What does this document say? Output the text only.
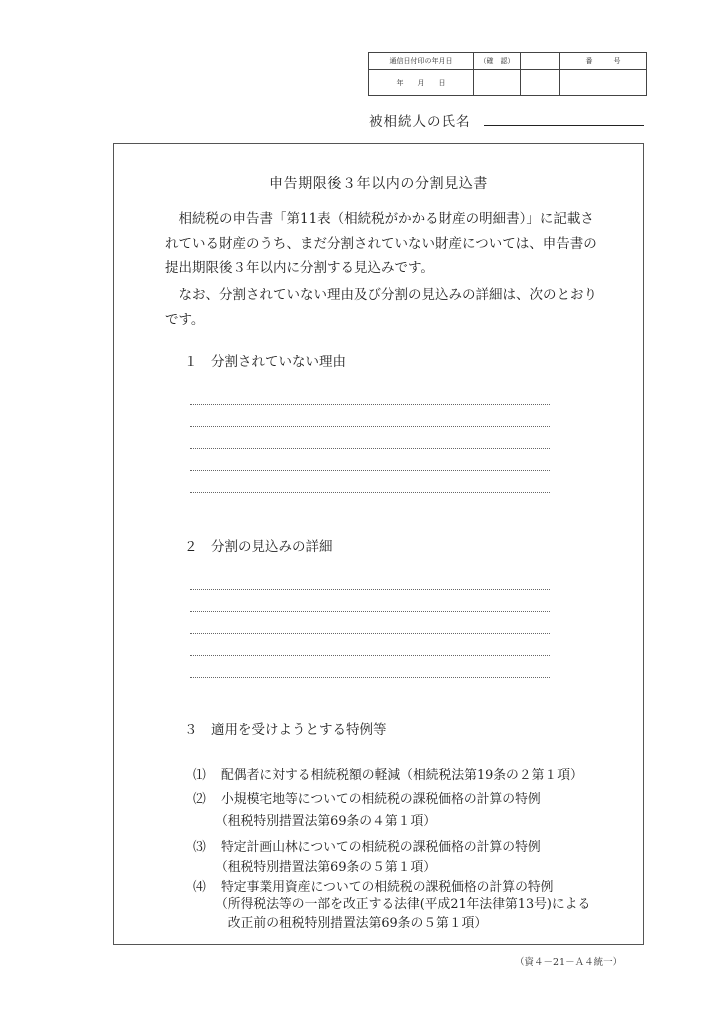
通信日付印の年月日	（確　認）		番　　　号
年　　月　　日			
被相続人の氏名
申告期限後３年以内の分割見込書
　相続税の申告書「第11表（相続税がかかる財産の明細書）」に記載されている財産のうち、まだ分割されていない財産については、申告書の提出期限後３年以内に分割する見込みです。
　なお、分割されていない理由及び分割の見込みの詳細は、次のとおりです。
１　分割されていない理由
２　分割の見込みの詳細
３　適用を受けようとする特例等
⑴ 配偶者に対する相続税額の軽減（相続税法第19条の２第１項）
⑵ 小規模宅地等についての相続税の課税価格の計算の特例
（租税特別措置法第69条の４第１項）
⑶ 特定計画山林についての相続税の課税価格の計算の特例
（租税特別措置法第69条の５第１項）
⑷ 特定事業用資産についての相続税の課税価格の計算の特例
（所得税法等の一部を改正する法律(平成21年法律第13号)による
　改正前の租税特別措置法第69条の５第１項）
（資４－21－Ａ４統一）
